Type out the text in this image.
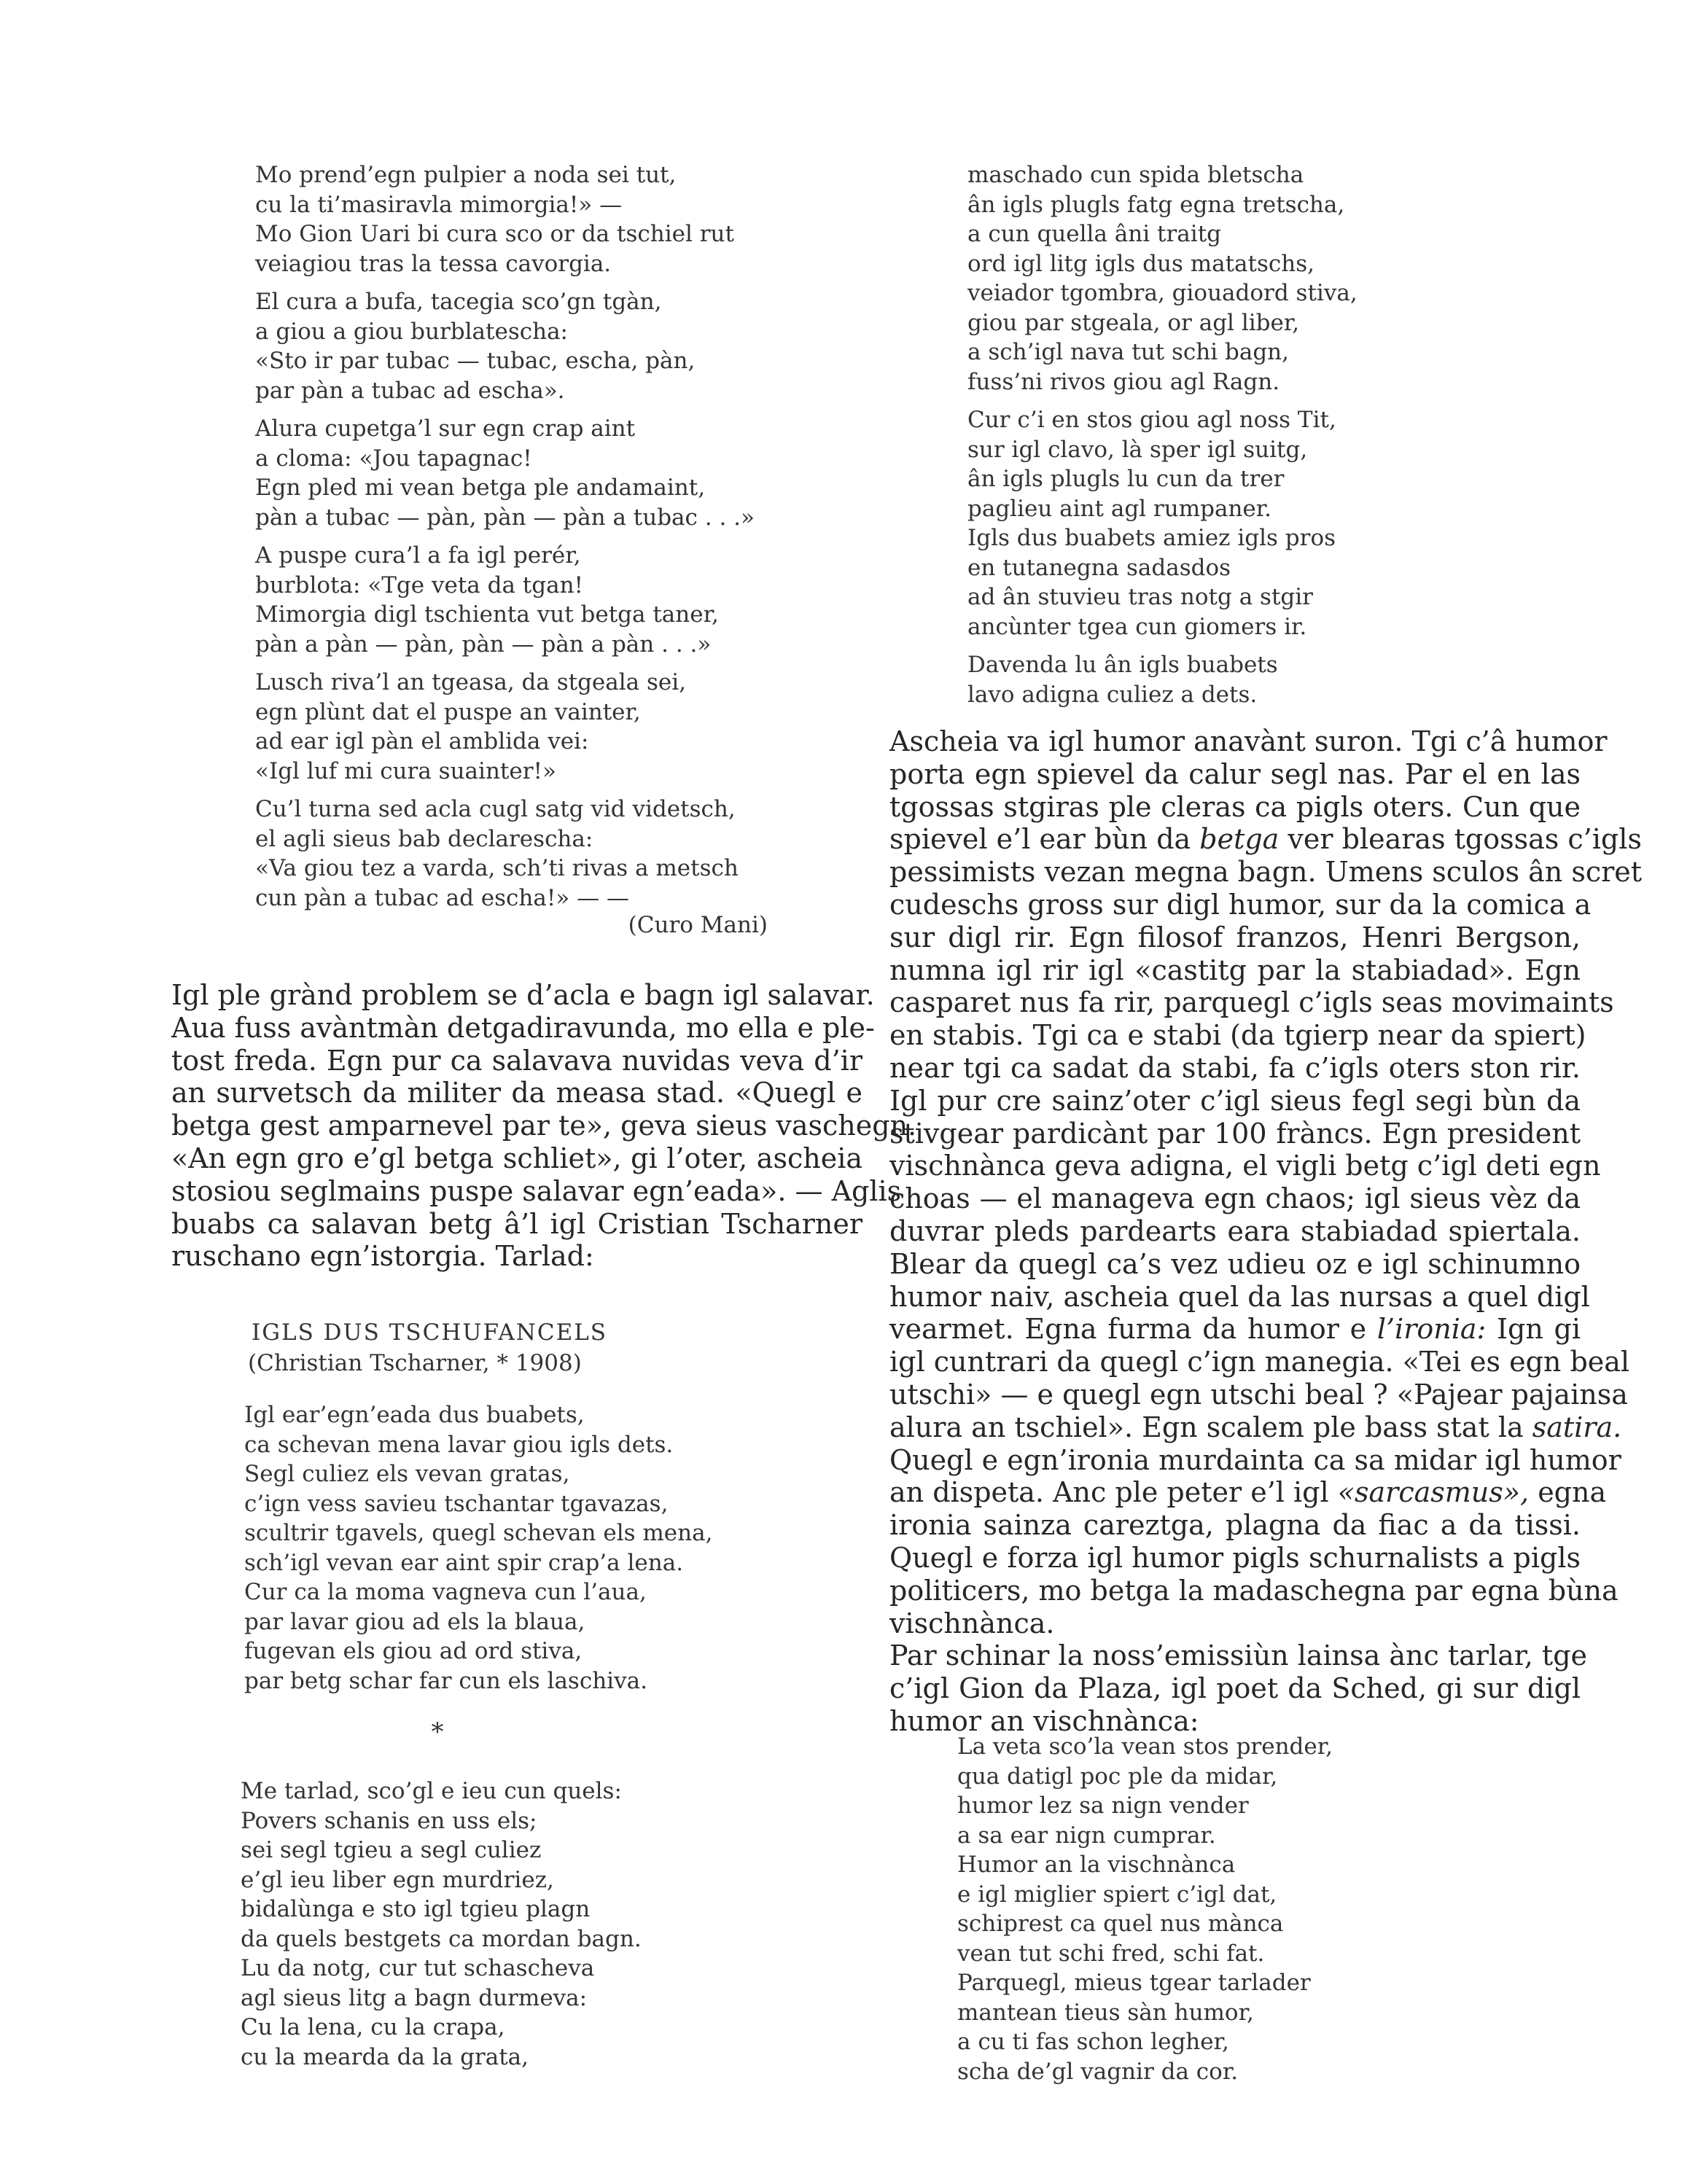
Mo prend’egn pulpier a noda sei tut,
cu la ti’masiravla mimorgia!» —
Mo Gion Uari bi cura sco or da tschiel rut
veiagiou tras la tessa cavorgia.
El cura a bufa, tacegia sco’gn tgàn,
a giou a giou burblatescha:
«Sto ir par tubac — tubac, escha, pàn,
par pàn a tubac ad escha».
Alura cupetga’l sur egn crap aint
a cloma: «Jou tapagnac!
Egn pled mi vean betga ple andamaint,
pàn a tubac — pàn, pàn — pàn a tubac . . .»
A puspe cura’l a fa igl perér,
burblota: «Tge veta da tgan!
Mimorgia digl tschienta vut betga taner,
pàn a pàn — pàn, pàn — pàn a pàn . . .»
Lusch riva’l an tgeasa, da stgeala sei,
egn plùnt dat el puspe an vainter,
ad ear igl pàn el amblida vei:
«Igl luf mi cura suainter!»
Cu’l turna sed acla cugl satg vid videtsch,
el agli sieus bab declarescha:
«Va giou tez a varda, sch’ti rivas a metsch
cun pàn a tubac ad escha!» — —
(Curo Mani)
Igl ple grànd problem se d’acla e bagn igl salavar.
Aua fuss avàntmàn detgadiravunda, mo ella e ple-
tost freda. Egn pur ca salavava nuvidas veva d’ir
an survetsch da militer da measa stad. «Quegl e
betga gest amparnevel par te», geva sieus vaschegn.
«An egn gro e’gl betga schliet», gi l’oter, ascheia
stosiou seglmains puspe salavar egn’eada». — Aglis
buabs ca salavan betg â’l igl Cristian Tscharner
ruschano egn’istorgia. Tarlad:
IGLS DUS TSCHUFANCELS
(Christian Tscharner, * 1908)
Igl ear’egn’eada dus buabets,
ca schevan mena lavar giou igls dets.
Segl culiez els vevan gratas,
c’ign vess savieu tschantar tgavazas,
scultrir tgavels, quegl schevan els mena,
sch’igl vevan ear aint spir crap’a lena.
Cur ca la moma vagneva cun l’aua,
par lavar giou ad els la blaua,
fugevan els giou ad ord stiva,
par betg schar far cun els laschiva.
*
Me tarlad, sco’gl e ieu cun quels:
Povers schanis en uss els;
sei segl tgieu a segl culiez
e’gl ieu liber egn murdriez,
bidalùnga e sto igl tgieu plagn
da quels bestgets ca mordan bagn.
Lu da notg, cur tut schascheva
agl sieus litg a bagn durmeva:
Cu la lena, cu la crapa,
cu la mearda da la grata,
maschado cun spida bletscha
ân igls plugls fatg egna tretscha,
a cun quella âni traitg
ord igl litg igls dus matatschs,
veiador tgombra, giouadord stiva,
giou par stgeala, or agl liber,
a sch’igl nava tut schi bagn,
fuss’ni rivos giou agl Ragn.
Cur c’i en stos giou agl noss Tit,
sur igl clavo, là sper igl suitg,
ân igls plugls lu cun da trer
paglieu aint agl rumpaner.
Igls dus buabets amiez igls pros
en tutanegna sadasdos
ad ân stuvieu tras notg a stgir
ancùnter tgea cun giomers ir.
Davenda lu ân igls buabets
lavo adigna culiez a dets.
Ascheia va igl humor anavànt suron. Tgi c’â humor
porta egn spievel da calur segl nas. Par el en las
tgossas stgiras ple cleras ca pigls oters. Cun que
spievel e’l ear bùn da betga ver blearas tgossas c’igls
pessimists vezan megna bagn. Umens sculos ân scret
cudeschs gross sur digl humor, sur da la comica a
sur digl rir. Egn filosof franzos, Henri Bergson,
numna igl rir igl «castitg par la stabiadad». Egn
casparet nus fa rir, parquegl c’igls seas movimaints
en stabis. Tgi ca e stabi (da tgierp near da spiert)
near tgi ca sadat da stabi, fa c’igls oters ston rir.
Igl pur cre sainz’oter c’igl sieus fegl segi bùn da
stivgear pardicànt par 100 fràncs. Egn president
vischnànca geva adigna, el vigli betg c’igl deti egn
choas — el manageva egn chaos; igl sieus vèz da
duvrar pleds pardearts eara stabiadad spiertala.
Blear da quegl ca’s vez udieu oz e igl schinumno
humor naiv, ascheia quel da las nursas a quel digl
vearmet. Egna furma da humor e l’ironia: Ign gi
igl cuntrari da quegl c’ign manegia. «Tei es egn beal
utschi» — e quegl egn utschi beal ? «Pajear pajainsa
alura an tschiel». Egn scalem ple bass stat la satira.
Quegl e egn’ironia murdainta ca sa midar igl humor
an dispeta. Anc ple peter e’l igl «sarcasmus», egna
ironia sainza careztga, plagna da fiac a da tissi.
Quegl e forza igl humor pigls schurnalists a pigls
politicers, mo betga la madaschegna par egna bùna
vischnànca.
Par schinar la noss’emissiùn lainsa ànc tarlar, tge
c’igl Gion da Plaza, igl poet da Sched, gi sur digl
humor an vischnànca:
La veta sco’la vean stos prender,
qua datigl poc ple da midar,
humor lez sa nign vender
a sa ear nign cumprar.
Humor an la vischnànca
e igl miglier spiert c’igl dat,
schiprest ca quel nus mànca
vean tut schi fred, schi fat.
Parquegl, mieus tgear tarlader
mantean tieus sàn humor,
a cu ti fas schon legher,
scha de’gl vagnir da cor.
